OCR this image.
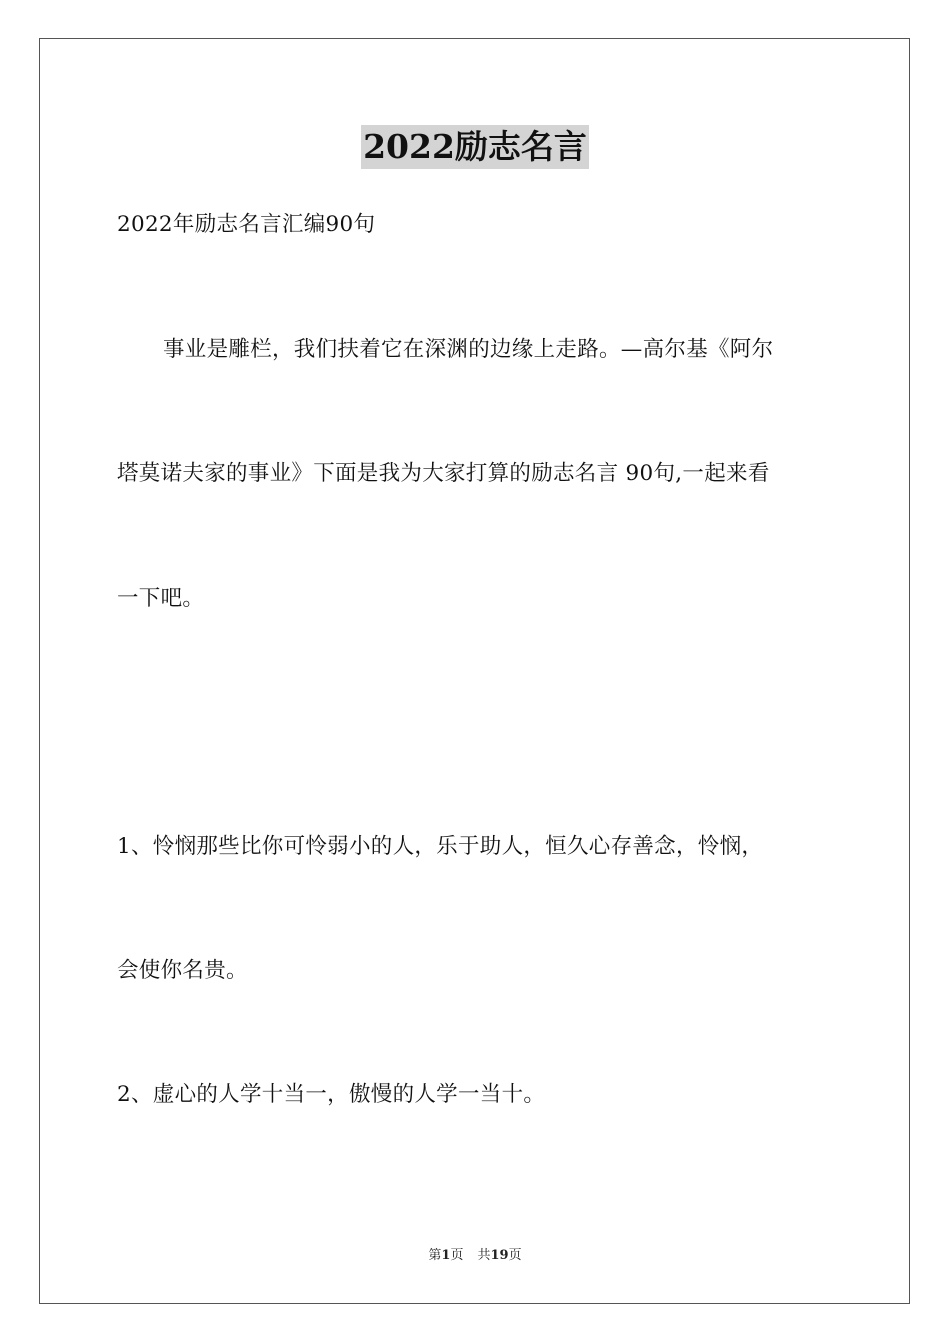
2022励志名言
2022年励志名言汇编90句
事业是雕栏，我们扶着它在深渊的边缘上走路。—高尔基《阿尔
塔莫诺夫家的事业》下面是我为大家打算的励志名言 90句,一起来看
一下吧。
1、怜悯那些比你可怜弱小的人，乐于助人，恒久心存善念，怜悯，
会使你名贵。
2、虚心的人学十当一，傲慢的人学一当十。
第1页 共19页
